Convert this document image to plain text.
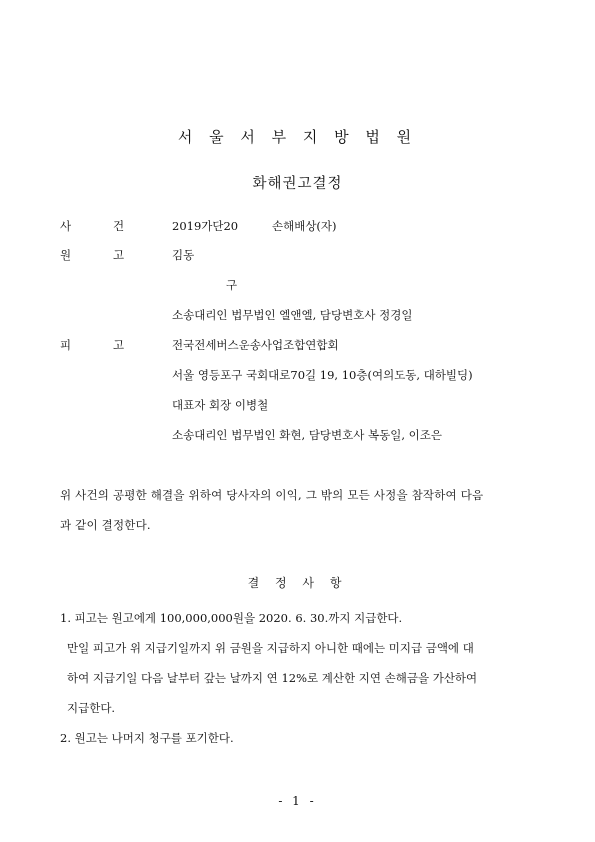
서 울 서 부 지 방 법 원
화해권고결정
사	건	2019가단20	손해배상(자)
원	고	김동
구
소송대리인 법무법인 엘앤엘, 담당변호사 정경일
피	고	전국전세버스운송사업조합연합회
서울 영등포구 국회대로70길 19, 10층(여의도동, 대하빌딩)
대표자 회장 이병철
소송대리인 법무법인 화현, 담당변호사 복동일, 이조은
위 사건의 공평한 해결을 위하여 당사자의 이익, 그 밖의 모든 사정을 참작하여 다음
과 같이 결정한다.
결 정 사 항
1. 피고는 원고에게 100,000,000원을 2020. 6. 30.까지 지급한다.
만일 피고가 위 지급기일까지 위 금원을 지급하지 아니한 때에는 미지급 금액에 대
하여 지급기일 다음 날부터 갚는 날까지 연 12%로 계산한 지연 손해금을 가산하여
지급한다.
2. 원고는 나머지 청구를 포기한다.
- 1 -
